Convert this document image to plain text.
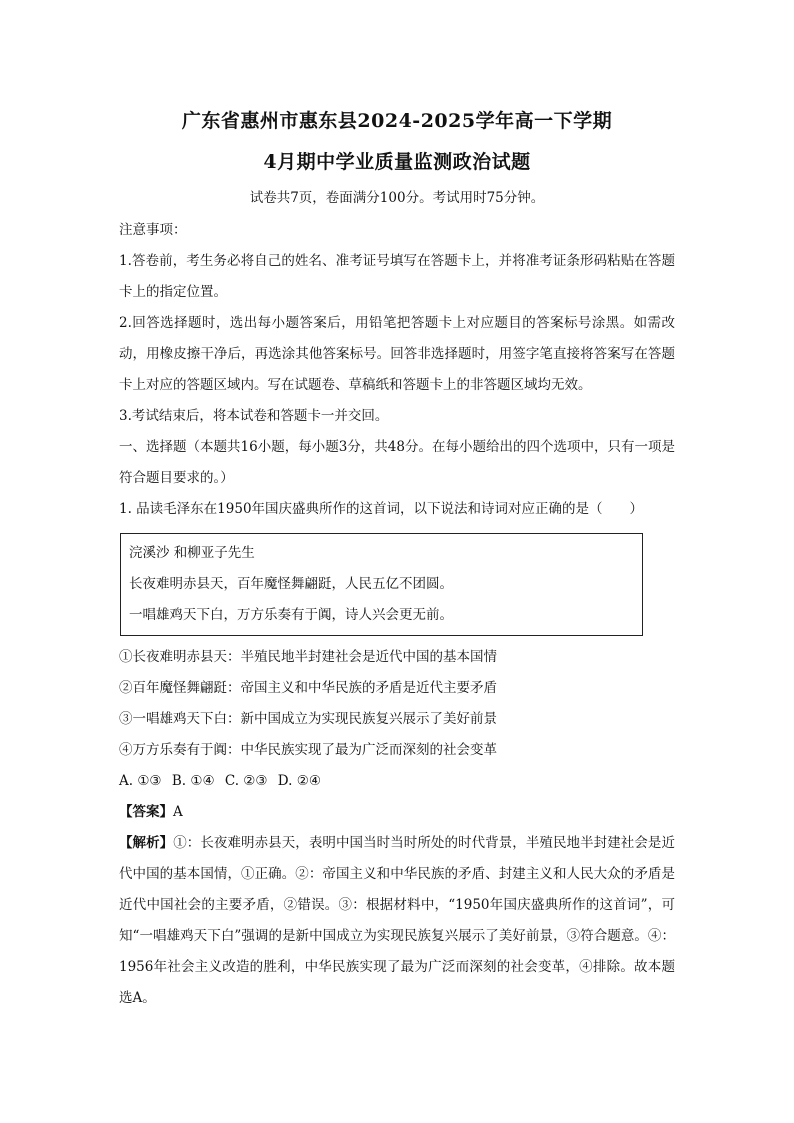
广东省惠州市惠东县2024-2025学年高一下学期
4月期中学业质量监测政治试题
试卷共7页，卷面满分100分。考试用时75分钟。

注意事项：

1.答卷前，考生务必将自己的姓名、准考证号填写在答题卡上，并将准考证条形码粘贴在答题卡上的指定位置。

2.回答选择题时，选出每小题答案后，用铅笔把答题卡上对应题目的答案标号涂黑。如需改动，用橡皮擦干净后，再选涂其他答案标号。回答非选择题时，用签字笔直接将答案写在答题卡上对应的答题区域内。写在试题卷、草稿纸和答题卡上的非答题区域均无效。

3.考试结束后，将本试卷和答题卡一并交回。

一、选择题（本题共16小题，每小题3分，共48分。在每小题给出的四个选项中，只有一项是符合题目要求的。）

1. 品读毛泽东在1950年国庆盛典所作的这首词，以下说法和诗词对应正确的是（　　）

浣溪沙 和柳亚子先生

长夜难明赤县天，百年魔怪舞翩跹，人民五亿不团圆。

一唱雄鸡天下白，万方乐奏有于阗，诗人兴会更无前。

①长夜难明赤县天：半殖民地半封建社会是近代中国的基本国情

②百年魔怪舞翩跹：帝国主义和中华民族的矛盾是近代主要矛盾

③一唱雄鸡天下白：新中国成立为实现民族复兴展示了美好前景

④万方乐奏有于阗：中华民族实现了最为广泛而深刻的社会变革

A. ①③ B. ①④ C. ②③ D. ②④

【答案】A

【解析】①：长夜难明赤县天，表明中国当时当时所处的时代背景，半殖民地半封建社会是近代中国的基本国情，①正确。②：帝国主义和中华民族的矛盾、封建主义和人民大众的矛盾是近代中国社会的主要矛盾，②错误。③：根据材料中，“1950年国庆盛典所作的这首词”，可知“一唱雄鸡天下白”强调的是新中国成立为实现民族复兴展示了美好前景，③符合题意。④：1956年社会主义改造的胜利，中华民族实现了最为广泛而深刻的社会变革，④排除。故本题选A。
